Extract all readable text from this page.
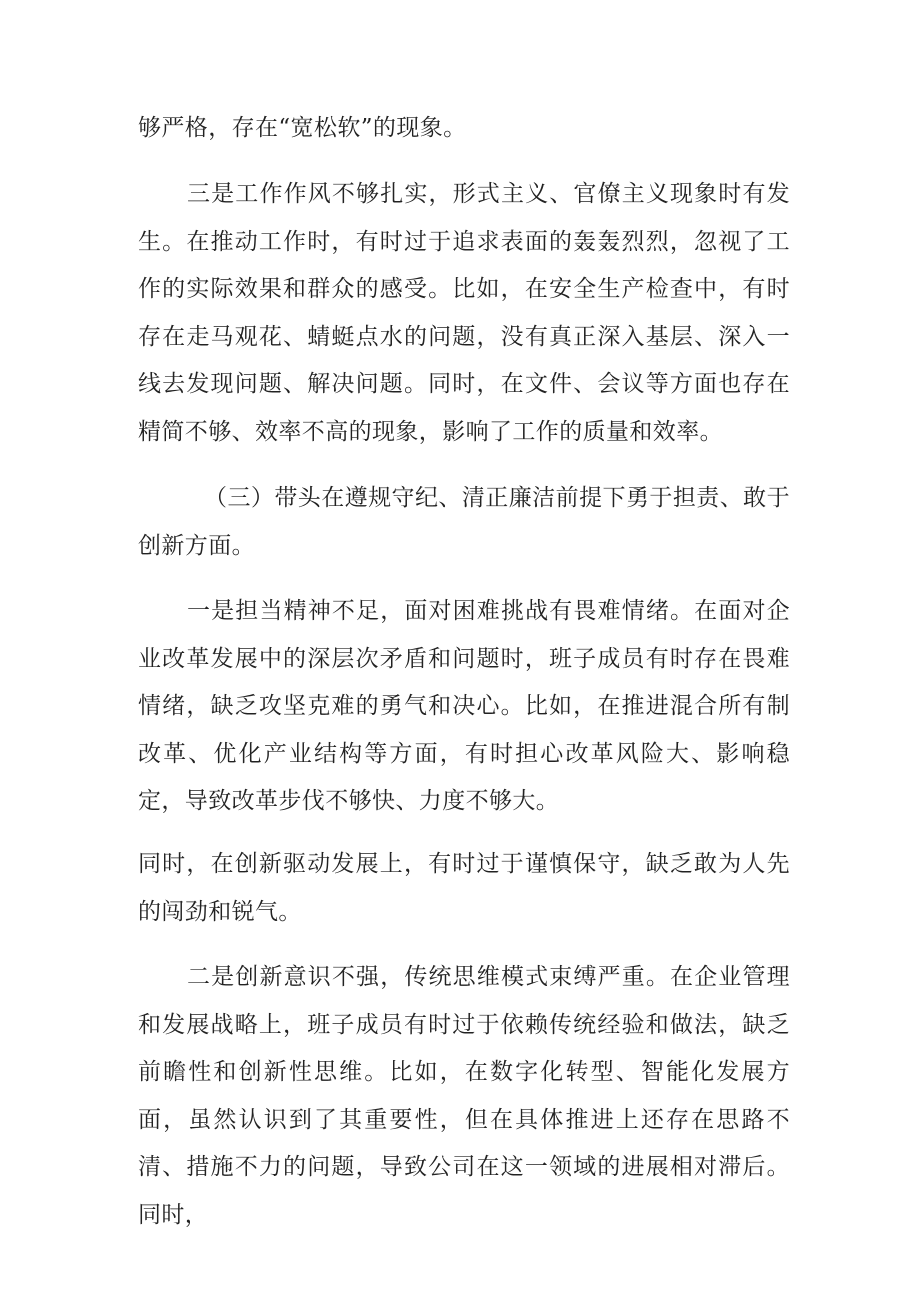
够严格，存在“宽松软”的现象。

三是工作作风不够扎实，形式主义、官僚主义现象时有发生。在推动工作时，有时过于追求表面的轰轰烈烈，忽视了工作的实际效果和群众的感受。比如，在安全生产检查中，有时存在走马观花、蜻蜓点水的问题，没有真正深入基层、深入一线去发现问题、解决问题。同时，在文件、会议等方面也存在精简不够、效率不高的现象，影响了工作的质量和效率。

（三）带头在遵规守纪、清正廉洁前提下勇于担责、敢于创新方面。

一是担当精神不足，面对困难挑战有畏难情绪。在面对企业改革发展中的深层次矛盾和问题时，班子成员有时存在畏难情绪，缺乏攻坚克难的勇气和决心。比如，在推进混合所有制改革、优化产业结构等方面，有时担心改革风险大、影响稳定，导致改革步伐不够快、力度不够大。

同时，在创新驱动发展上，有时过于谨慎保守，缺乏敢为人先的闯劲和锐气。

二是创新意识不强，传统思维模式束缚严重。在企业管理和发展战略上，班子成员有时过于依赖传统经验和做法，缺乏前瞻性和创新性思维。比如，在数字化转型、智能化发展方面，虽然认识到了其重要性，但在具体推进上还存在思路不清、措施不力的问题，导致公司在这一领域的进展相对滞后。同时，
